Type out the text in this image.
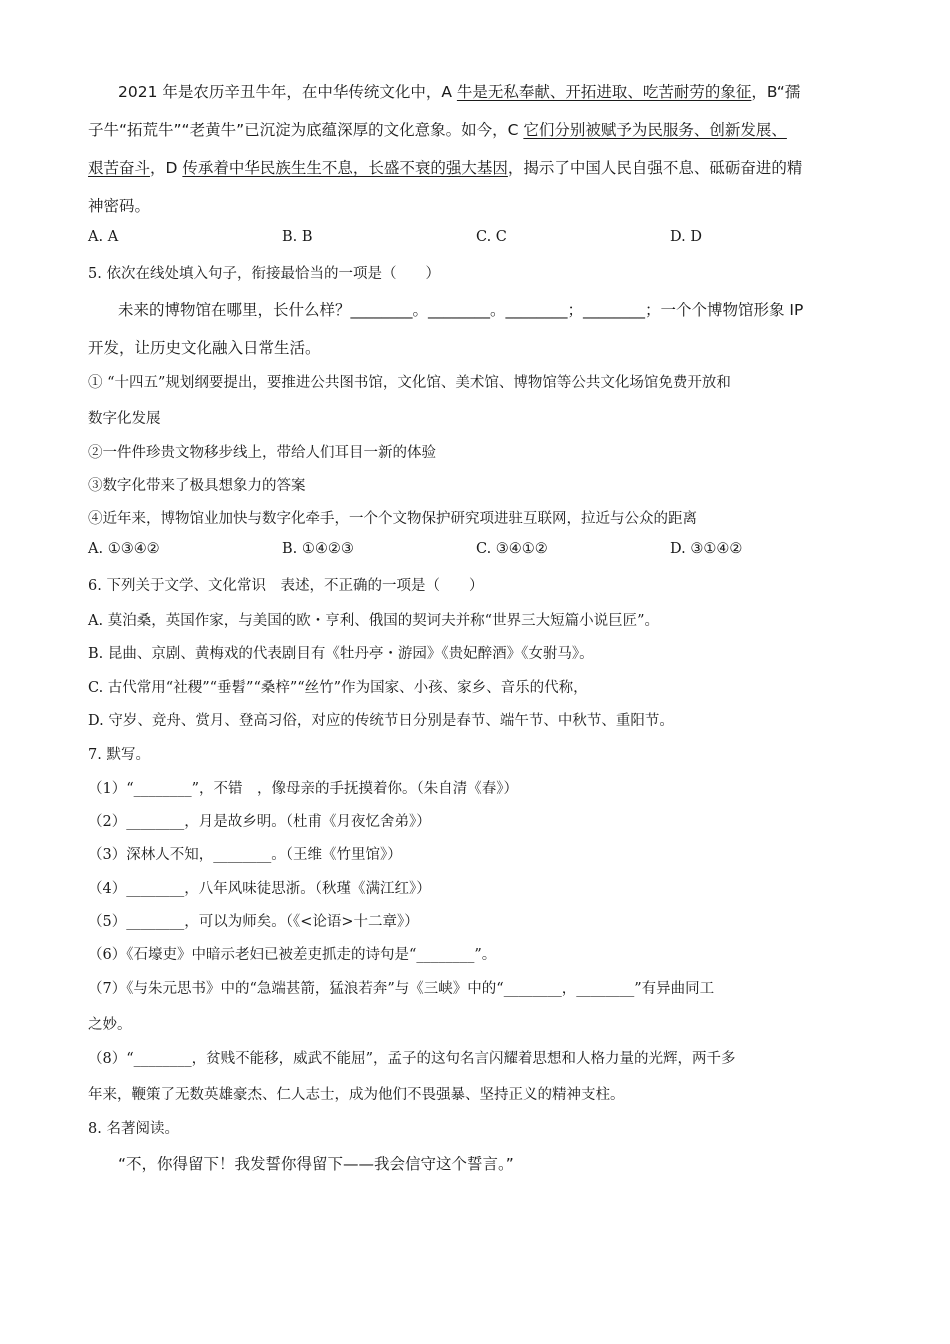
2021 年是农历辛丑牛年，在中华传统文化中，A 牛是无私奉献、开拓进取、吃苦耐劳的象征，B“孺
子牛“拓荒牛”“老黄牛”已沉淀为底蕴深厚的文化意象。如今，C 它们分别被赋予为民服务、创新发展、
艰苦奋斗，D 传承着中华民族生生不息，长盛不衰的强大基因，揭示了中国人民自强不息、砥砺奋进的精
神密码。
A. A	B. B	C. C	D. D
5. 依次在线处填入句子，衔接最恰当的一项是（　　）
未来的博物馆在哪里，长什么样？________。________。________；________；一个个博物馆形象 IP
开发，让历史文化融入日常生活。
① “十四五”规划纲要提出，要推进公共图书馆，文化馆、美术馆、博物馆等公共文化场馆免费开放和
数字化发展
②一件件珍贵文物移步线上，带给人们耳目一新的体验
③数字化带来了极具想象力的答案
④近年来，博物馆业加快与数字化牵手，一个个文物保护研究项进驻互联网，拉近与公众的距离
A. ①③④②	B. ①④②③	C. ③④①②	D. ③①④②
6. 下列关于文学、文化常识　表述，不正确的一项是（　　）
A. 莫泊桑，英国作家，与美国的欧・亨利、俄国的契诃夫并称“世界三大短篇小说巨匠”。
B. 昆曲、京剧、黄梅戏的代表剧目有《牡丹亭・游园》《贵妃醉酒》《女驸马》。
C. 古代常用“社稷”“垂髫”“桑梓”“丝竹”作为国家、小孩、家乡、音乐的代称，
D. 守岁、竞舟、赏月、登高习俗，对应的传统节日分别是春节、端午节、中秋节、重阳节。
7. 默写。
（1）“________”，不错　，像母亲的手抚摸着你。（朱自清《春》）
（2）________，月是故乡明。（杜甫《月夜忆舍弟》）
（3）深林人不知，________。（王维《竹里馆》）
（4）________，八年风味徒思浙。（秋瑾《满江红》）
（5）________，可以为师矣。（《<论语>十二章》）
（6）《石壕吏》中暗示老妇已被差吏抓走的诗句是“________”。
（7）《与朱元思书》中的“急端甚箭，猛浪若奔”与《三峡》中的“________，________”有异曲同工
之妙。
（8）“________，贫贱不能移，威武不能屈”，孟子的这句名言闪耀着思想和人格力量的光辉，两千多
年来，鞭策了无数英雄豪杰、仁人志士，成为他们不畏强暴、坚持正义的精神支柱。
8. 名著阅读。
“不，你得留下！我发誓你得留下——我会信守这个誓言。”
